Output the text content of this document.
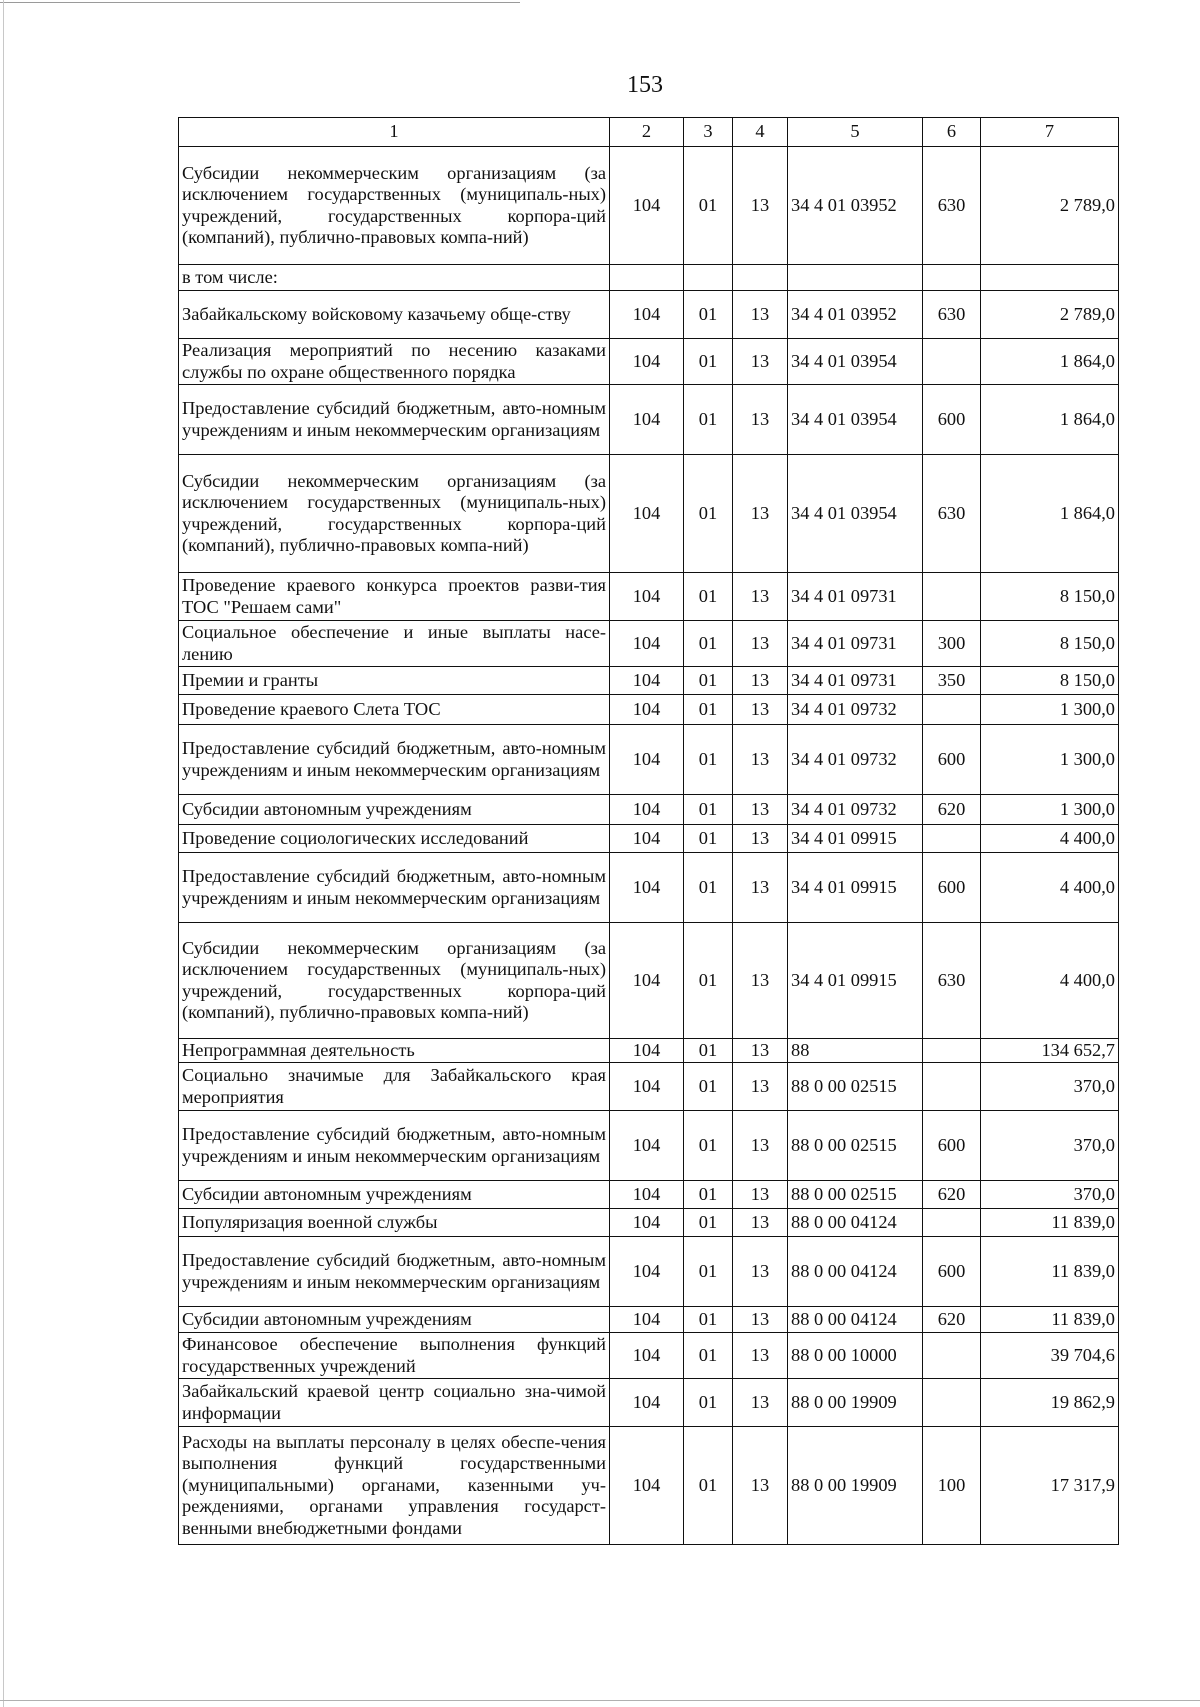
153
1	2	3	4	5	6	7
Субсидии некоммерческим организациям (за исключением государственных (муниципаль-ных) учреждений, государственных корпора-ций (компаний), публично-правовых компа-ний)	104	01	13	34 4 01 03952	630	2 789,0
в том числе:						
Забайкальскому войсковому казачьему обще-ству	104	01	13	34 4 01 03952	630	2 789,0
Реализация мероприятий по несению казаками службы по охране общественного порядка	104	01	13	34 4 01 03954		1 864,0
Предоставление субсидий бюджетным, авто-номным учреждениям и иным некоммерческим организациям	104	01	13	34 4 01 03954	600	1 864,0
Субсидии некоммерческим организациям (за исключением государственных (муниципаль-ных) учреждений, государственных корпора-ций (компаний), публично-правовых компа-ний)	104	01	13	34 4 01 03954	630	1 864,0
Проведение краевого конкурса проектов разви-тия ТОС "Решаем сами"	104	01	13	34 4 01 09731		8 150,0
Социальное обеспечение и иные выплаты насе-лению	104	01	13	34 4 01 09731	300	8 150,0
Премии и гранты	104	01	13	34 4 01 09731	350	8 150,0
Проведение краевого Слета ТОС	104	01	13	34 4 01 09732		1 300,0
Предоставление субсидий бюджетным, авто-номным учреждениям и иным некоммерческим организациям	104	01	13	34 4 01 09732	600	1 300,0
Субсидии автономным учреждениям	104	01	13	34 4 01 09732	620	1 300,0
Проведение социологических исследований	104	01	13	34 4 01 09915		4 400,0
Предоставление субсидий бюджетным, авто-номным учреждениям и иным некоммерческим организациям	104	01	13	34 4 01 09915	600	4 400,0
Субсидии некоммерческим организациям (за исключением государственных (муниципаль-ных) учреждений, государственных корпора-ций (компаний), публично-правовых компа-ний)	104	01	13	34 4 01 09915	630	4 400,0
Непрограммная деятельность	104	01	13	88		134 652,7
Социально значимые для Забайкальского края мероприятия	104	01	13	88 0 00 02515		370,0
Предоставление субсидий бюджетным, авто-номным учреждениям и иным некоммерческим организациям	104	01	13	88 0 00 02515	600	370,0
Субсидии автономным учреждениям	104	01	13	88 0 00 02515	620	370,0
Популяризация военной службы	104	01	13	88 0 00 04124		11 839,0
Предоставление субсидий бюджетным, авто-номным учреждениям и иным некоммерческим организациям	104	01	13	88 0 00 04124	600	11 839,0
Субсидии автономным учреждениям	104	01	13	88 0 00 04124	620	11 839,0
Финансовое обеспечение выполнения функций государственных учреждений	104	01	13	88 0 00 10000		39 704,6
Забайкальский краевой центр социально зна-чимой информации	104	01	13	88 0 00 19909		19 862,9
Расходы на выплаты персоналу в целях обеспе-чения выполнения функций государственными (муниципальными) органами, казенными уч-реждениями, органами управления государст-венными внебюджетными фондами	104	01	13	88 0 00 19909	100	17 317,9
